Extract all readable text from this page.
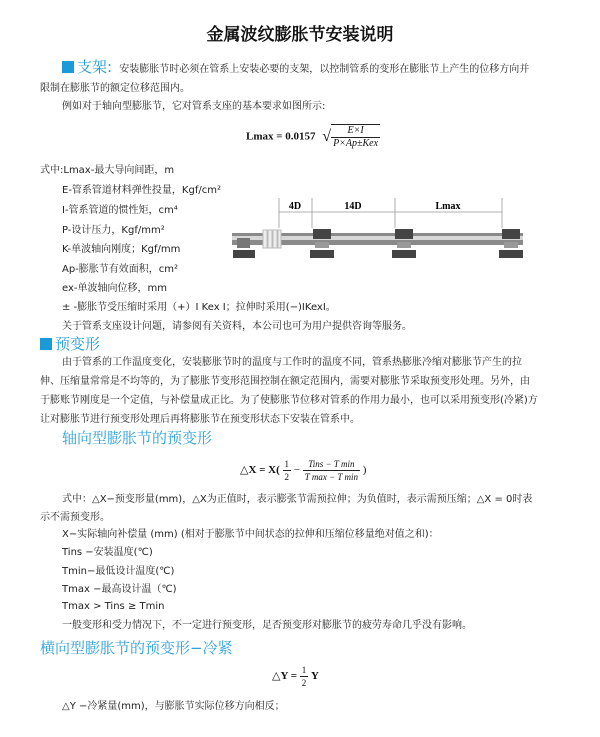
金属波纹膨胀节安装说明
支架: 安装膨胀节时必须在管系上安装必要的支架，以控制管系的变形在膨胀节上产生的位移方向并
限制在膨胀节的额定位移范围内。
例如对于轴向型膨胀节，它对管系支座的基本要求如图所示:
Lmax = 0.0157 √ $\frac{E\times I}{\text{P×Ap±Kex}}$
式中:Lmax-最大导向间距，m
E-管系管道材料弹性投量，Kgf/cm²
I-管系管道的惯性矩，cm⁴
P-设计压力，Kgf/mm²
K-单波轴向刚度；Kgf/mm
Ap-膨胀节有效面积，cm²
ex-单波轴向位移，mm
± -膨胀节受压缩时采用（+）I Kex I；拉伸时采用(−)IKexI。
关于管系支座设计问题，请参阅有关资料，本公司也可为用户提供咨询等服务。
4D	14D	Lmax
预变形
由于管系的工作温度变化，安装膨胀节时的温度与工作时的温度不同，管系热膨胀冷缩对膨胀节产生的拉
伸、压缩量常常是不均等的，为了膨胀节变形范围控制在额定范围内，需要对膨胀节采取预变形处理。另外，由
于膨账节刚度是一个定值，与补偿量成正比。为了使膨胀节位移对管系的作用力最小，也可以采用预变形(冷紧)方
让对膨胀节进行预变形处理后再将膨胀节在预变形状态下安装在管系中。
轴向型膨胀节的预变形
△X = $X( \frac{1}{2} - \frac{\text{Tins − T min}}{\text{T max − T min}}$ )
式中：△X−预变形量(mm)，△X为正值时，表示膨张节需预拉伸；为负值时，表示需预压缩；△X = 0时表
示不需预变形。
X−实际轴向补偿量 (mm) (相对于膨胀节中间状态的拉伸和压缩位移量绝对值之和)：
Tins −安装温度(℃)
Tmin−最低设计温度(℃)
Tmax −最高设计温（℃)
Tmax > Tins ≥ Tmin
一般变形和受力情况下，不一定进行预变形，足否预变形对膨胀节的疲劳寿命几乎没有影响。
横向型膨胀节的预变形−冷紧
△Y = $\frac{1}{2}$ Y
△Y −冷紧量(mm)，与膨胀节实际位移方向相反；
